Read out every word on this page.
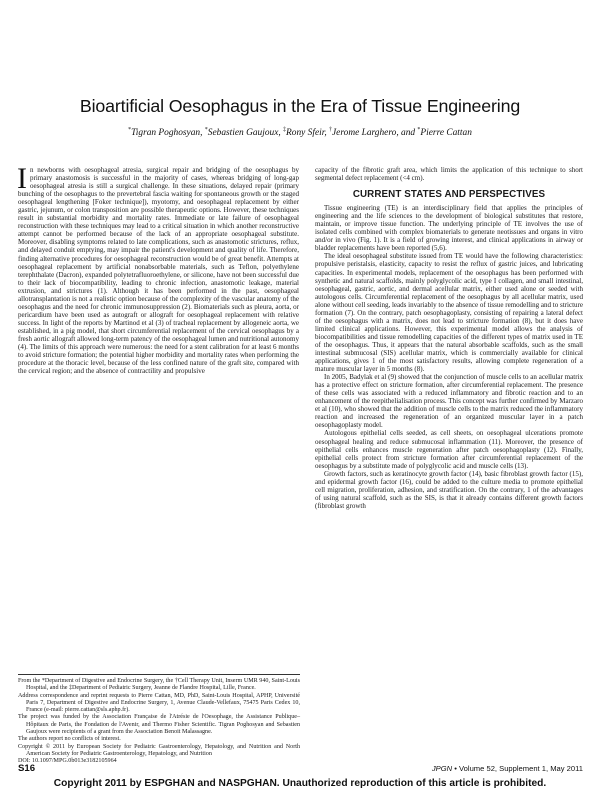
Bioartificial Oesophagus in the Era of Tissue Engineering
*Tigran Poghosyan, *Sebastien Gaujoux, ‡Rony Sfeir, †Jerome Larghero, and *Pierre Cattan

In newborns with oesophageal atresia, surgical repair and bridging of the oesophagus by primary anastomosis is successful in the majority of cases, whereas bridging of long-gap oesophageal atresia is still a surgical challenge. In these situations, delayed repair (primary bunching of the oesophagus to the prevertebral fascia waiting for spontaneous growth or the staged oesophageal lengthening [Foker technique]), myotomy, and oesophageal replacement by either gastric, jejunum, or colon transposition are possible therapeutic options. However, these techniques result in substantial morbidity and mortality rates. Immediate or late failure of oesophageal reconstruction with these techniques may lead to a critical situation in which another reconstructive attempt cannot be performed because of the lack of an appropriate oesophageal substitute. Moreover, disabling symptoms related to late complications, such as anastomotic strictures, reflux, and delayed conduit emptying, may impair the patient's development and quality of life. Therefore, finding alternative procedures for oesophageal reconstruction would be of great benefit. Attempts at oesophageal replacement by artificial nonabsorbable materials, such as Teflon, polyethylene terephthalate (Dacron), expanded polytetrafluoroethylene, or silicone, have not been successful due to their lack of biocompatibility, leading to chronic infection, anastomotic leakage, material extrusion, and strictures (1). Although it has been performed in the past, oesophageal allotransplantation is not a realistic option because of the complexity of the vascular anatomy of the oesophagus and the need for chronic immunosuppression (2). Biomaterials such as pleura, aorta, or pericardium have been used as autograft or allograft for oesophageal replacement with relative success. In light of the reports by Martinod et al (3) of tracheal replacement by allogeneic aorta, we established, in a pig model, that short circumferential replacement of the cervical oesophagus by a fresh aortic allograft allowed long-term patency of the oesophageal lumen and nutritional autonomy (4). The limits of this approach were numerous: the need for a stent calibration for at least 6 months to avoid stricture formation; the potential higher morbidity and mortality rates when performing the procedure at the thoracic level, because of the less confined nature of the graft site, compared with the cervical region; and the absence of contractility and propulsive

capacity of the fibrotic graft area, which limits the application of this technique to short segmental defect replacement (<4 cm).

CURRENT STATES AND PERSPECTIVES

Tissue engineering (TE) is an interdisciplinary field that applies the principles of engineering and the life sciences to the development of biological substitutes that restore, maintain, or improve tissue function. The underlying principle of TE involves the use of isolated cells combined with complex biomaterials to generate neotissues and organs in vitro and/or in vivo (Fig. 1). It is a field of growing interest, and clinical applications in airway or bladder replacements have been reported (5,6).

The ideal oesophageal substitute issued from TE would have the following characteristics: propulsive peristalsis, elasticity, capacity to resist the reflux of gastric juices, and lubricating capacities. In experimental models, replacement of the oesophagus has been performed with synthetic and natural scaffolds, mainly polyglycolic acid, type I collagen, and small intestinal, oesophageal, gastric, aortic, and dermal acellular matrix, either used alone or seeded with autologous cells. Circumferential replacement of the oesophagus by all acellular matrix, used alone without cell seeding, leads invariably to the absence of tissue remodelling and to stricture formation (7). On the contrary, patch oesophagoplasty, consisting of repairing a lateral defect of the oesophagus with a matrix, does not lead to stricture formation (8), but it does have limited clinical applications. However, this experimental model allows the analysis of biocompatibilities and tissue remodelling capacities of the different types of matrix used in TE of the oesophagus. Thus, it appears that the natural absorbable scaffolds, such as the small intestinal submucosal (SIS) acellular matrix, which is commercially available for clinical applications, gives 1 of the most satisfactory results, allowing complete regeneration of a mature muscular layer in 5 months (8).

In 2005, Badylak et al (9) showed that the conjunction of muscle cells to an acellular matrix has a protective effect on stricture formation, after circumferential replacement. The presence of these cells was associated with a reduced inflammatory and fibrotic reaction and to an enhancement of the reepithelialisation process. This concept was further confirmed by Marzaro et al (10), who showed that the addition of muscle cells to the matrix reduced the inflammatory reaction and increased the regeneration of an organized muscular layer in a patch oesophagoplasty model.

Autologous epithelial cells seeded, as cell sheets, on oesophageal ulcerations promote oesophageal healing and reduce submucosal inflammation (11). Moreover, the presence of epithelial cells enhances muscle regeneration after patch oesophagoplasty (12). Finally, epithelial cells protect from stricture formation after circumferential replacement of the oesophagus by a substitute made of polyglycolic acid and muscle cells (13).

Growth factors, such as keratinocyte growth factor (14), basic fibroblast growth factor (15), and epidermal growth factor (16), could be added to the culture media to promote epithelial cell migration, proliferation, adhesion, and stratification. On the contrary, 1 of the advantages of using natural scaffold, such as the SIS, is that it already contains different growth factors (fibroblast growth

From the *Department of Digestive and Endocrine Surgery, the †Cell Therapy Unit, Inserm UMR 940, Saint-Louis Hospital, and the ‡Department of Pediatric Surgery, Jeanne de Flandre Hospital, Lille, France.

Address correspondence and reprint requests to Pierre Cattan, MD, PhD, Saint-Louis Hospital, APHP, Université Paris 7, Department of Digestive and Endocrine Surgery, 1, Avenue Claude-Vellefaux, 75475 Paris Cedex 10, France (e-mail: pierre.cattan@sls.aphp.fr).

The project was funded by the Association Française de l'Atrésie de l'Oesophage, the Assistance Publique–Hôpitaux de Paris, the Fondation de l'Avenir, and Thermo Fisher Scientific. Tigran Poghosyan and Sebastien Gaujoux were recipients of a grant from the Association Benoit Malassagne.

The authors report no conflicts of interest.

Copyright © 2011 by European Society for Pediatric Gastroenterology, Hepatology, and Nutrition and North American Society for Pediatric Gastroenterology, Hepatology, and Nutrition

DOI: 10.1097/MPG.0b013e3182105964

S16	JPGN • Volume 52, Supplement 1, May 2011
Copyright 2011 by ESPGHAN and NASPGHAN. Unauthorized reproduction of this article is prohibited.
